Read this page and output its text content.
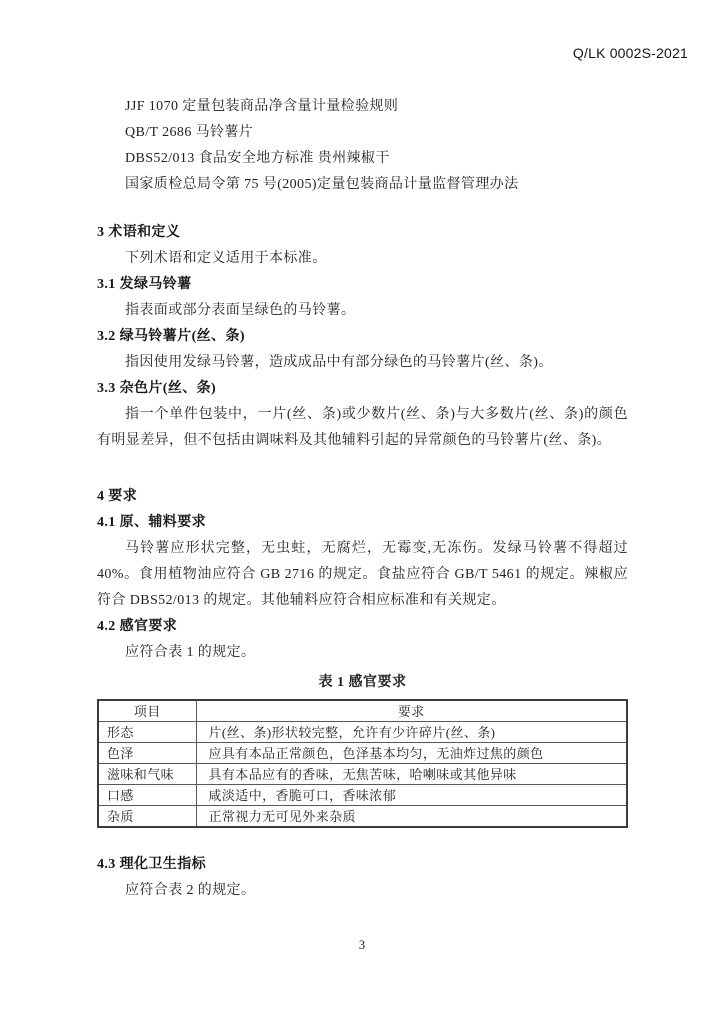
Q/LK 0002S-2021

JJF 1070 定量包装商品净含量计量检验规则

QB/T 2686 马铃薯片

DBS52/013 食品安全地方标准 贵州辣椒干

国家质检总局令第 75 号(2005)定量包装商品计量监督管理办法

3 术语和定义

下列术语和定义适用于本标准。

3.1 发绿马铃薯

指表面或部分表面呈绿色的马铃薯。

3.2 绿马铃薯片(丝、条)

指因使用发绿马铃薯，造成成品中有部分绿色的马铃薯片(丝、条)。

3.3 杂色片(丝、条)

指一个单件包装中，一片(丝、条)或少数片(丝、条)与大多数片(丝、条)的颜色有明显差异，但不包括由调味料及其他辅料引起的异常颜色的马铃薯片(丝、条)。

4 要求
4.1 原、辅料要求

马铃薯应形状完整，无虫蛀，无腐烂，无霉变,无冻伤。发绿马铃薯不得超过 40%。食用植物油应符合 GB 2716 的规定。食盐应符合 GB/T 5461 的规定。辣椒应符合 DBS52/013 的规定。其他辅料应符合相应标准和有关规定。

4.2 感官要求

应符合表 1 的规定。

表 1 感官要求
项目	要求
形态	片(丝、条)形状较完整，允许有少许碎片(丝、条)
色泽	应具有本品正常颜色，色泽基本均匀，无油炸过焦的颜色
滋味和气味	具有本品应有的香味，无焦苦味，哈喇味或其他异味
口感	咸淡适中，香脆可口，香味浓郁
杂质	正常视力无可见外来杂质
4.3 理化卫生指标

应符合表 2 的规定。

3
